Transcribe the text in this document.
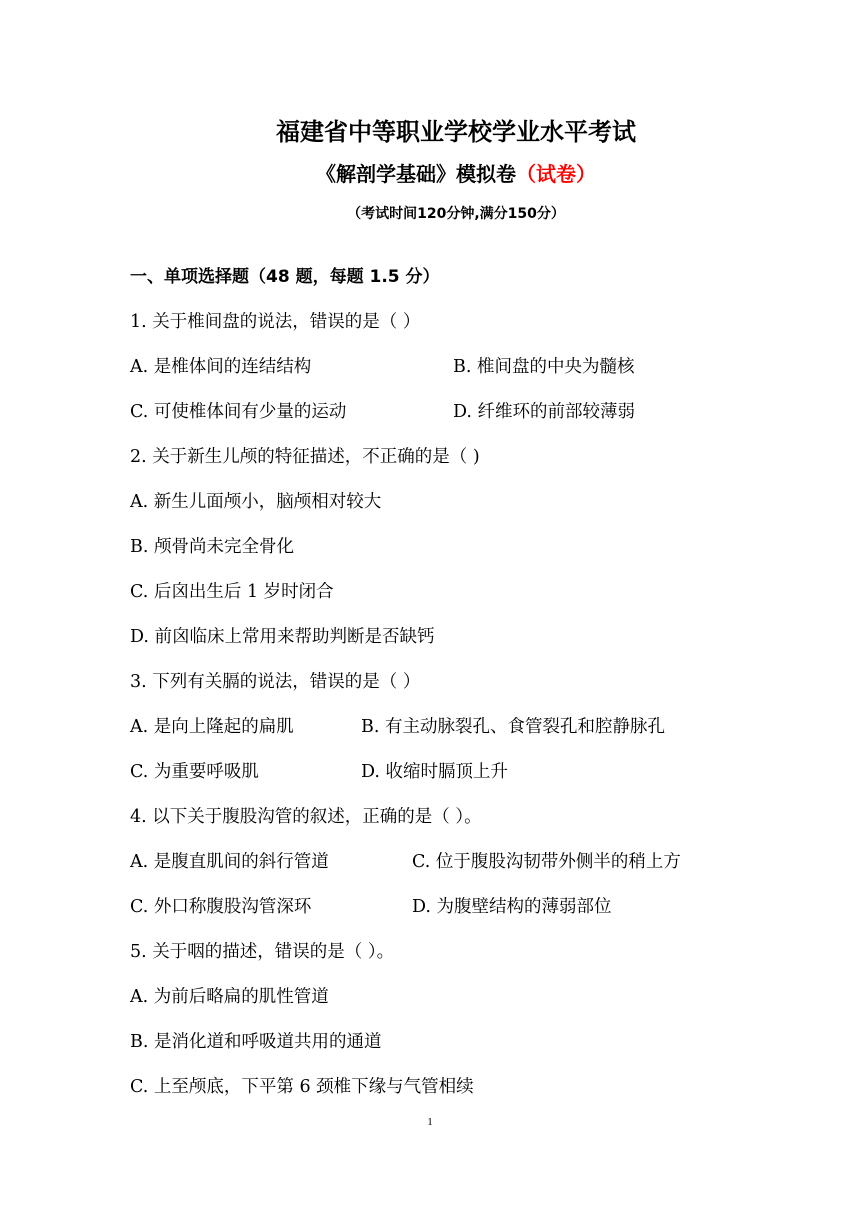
福建省中等职业学校学业水平考试
《解剖学基础》模拟卷（试卷）
（考试时间120分钟,满分150分）
一、单项选择题（48 题，每题 1.5 分）
1. 关于椎间盘的说法，错误的是（ ）
A. 是椎体间的连结结构	B. 椎间盘的中央为髓核
C. 可使椎体间有少量的运动	D. 纤维环的前部较薄弱
2. 关于新生儿颅的特征描述，不正确的是（ )
A. 新生儿面颅小，脑颅相对较大
B. 颅骨尚未完全骨化
C. 后囟出生后 1 岁时闭合
D. 前囟临床上常用来帮助判断是否缺钙
3. 下列有关膈的说法，错误的是（ ）
A. 是向上隆起的扁肌	B. 有主动脉裂孔、食管裂孔和腔静脉孔
C. 为重要呼吸肌	D. 收缩时膈顶上升
4. 以下关于腹股沟管的叙述，正确的是（ ）。
A. 是腹直肌间的斜行管道	C. 位于腹股沟韧带外侧半的稍上方
C. 外口称腹股沟管深环	D. 为腹壁结构的薄弱部位
5. 关于咽的描述，错误的是（ ）。
A. 为前后略扁的肌性管道
B. 是消化道和呼吸道共用的通道
C. 上至颅底，下平第 6 颈椎下缘与气管相续
1
